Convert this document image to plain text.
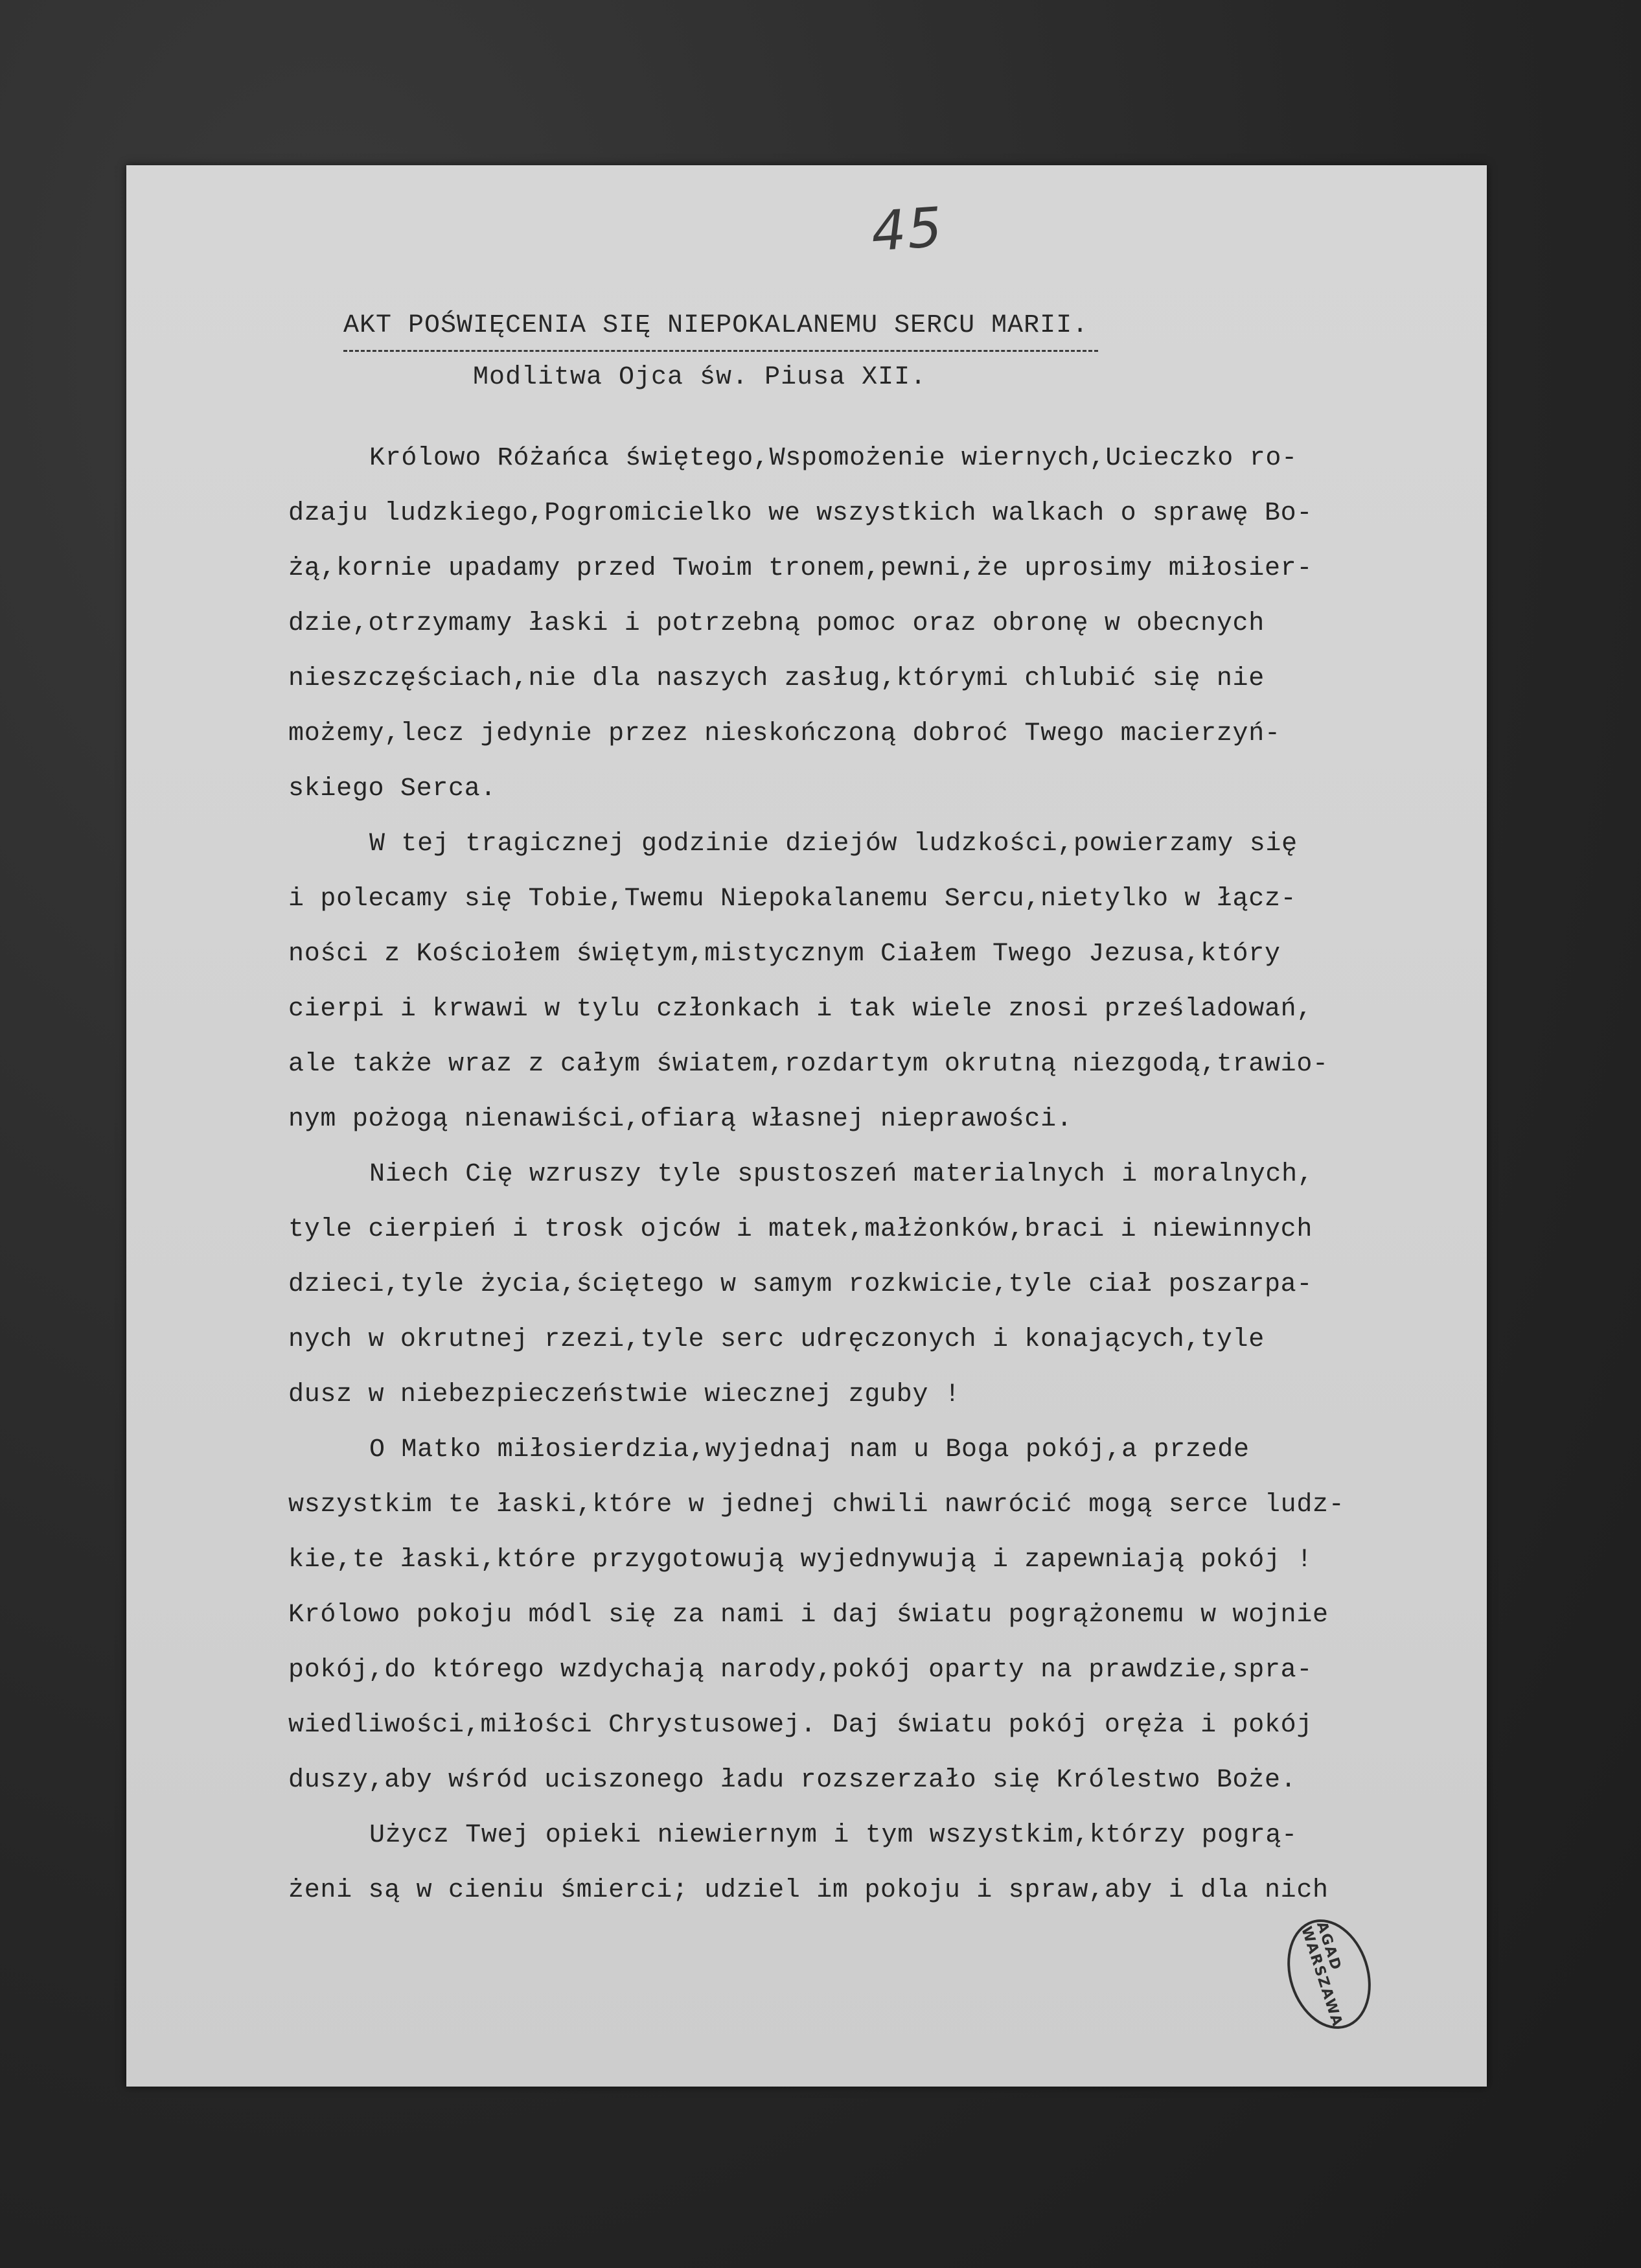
45
AKT POŚWIĘCENIA SIĘ NIEPOKALANEMU SERCU MARII.
Modlitwa Ojca św. Piusa XII.
Królowo Różańca świętego,Wspomożenie wiernych,Ucieczko ro-
dzaju ludzkiego,Pogromicielko we wszystkich walkach o sprawę Bo-
żą,kornie upadamy przed Twoim tronem,pewni,że uprosimy miłosier-
dzie,otrzymamy łaski i potrzebną pomoc oraz obronę w obecnych
nieszczęściach,nie dla naszych zasług,którymi chlubić się nie
możemy,lecz jedynie przez nieskończoną dobroć Twego macierzyń-
skiego Serca.
W tej tragicznej godzinie dziejów ludzkości,powierzamy się
i polecamy się Tobie,Twemu Niepokalanemu Sercu,nietylko w łącz-
ności z Kościołem świętym,mistycznym Ciałem Twego Jezusa,który
cierpi i krwawi w tylu członkach i tak wiele znosi prześladowań,
ale także wraz z całym światem,rozdartym okrutną niezgodą,trawio-
nym pożogą nienawiści,ofiarą własnej nieprawości.
Niech Cię wzruszy tyle spustoszeń materialnych i moralnych,
tyle cierpień i trosk ojców i matek,małżonków,braci i niewinnych
dzieci,tyle życia,ściętego w samym rozkwicie,tyle ciał poszarpa-
nych w okrutnej rzezi,tyle serc udręczonych i konających,tyle
dusz w niebezpieczeństwie wiecznej zguby !
O Matko miłosierdzia,wyjednaj nam u Boga pokój,a przede
wszystkim te łaski,które w jednej chwili nawrócić mogą serce ludz-
kie,te łaski,które przygotowują wyjednywują i zapewniają pokój !
Królowo pokoju módl się za nami i daj światu pogrążonemu w wojnie
pokój,do którego wzdychają narody,pokój oparty na prawdzie,spra-
wiedliwości,miłości Chrystusowej. Daj światu pokój oręża i pokój
duszy,aby wśród uciszonego ładu rozszerzało się Królestwo Boże.
Użycz Twej opieki niewiernym i tym wszystkim,którzy pogrą-
żeni są w cieniu śmierci; udziel im pokoju i spraw,aby i dla nich
AGAD WARSZAWA
